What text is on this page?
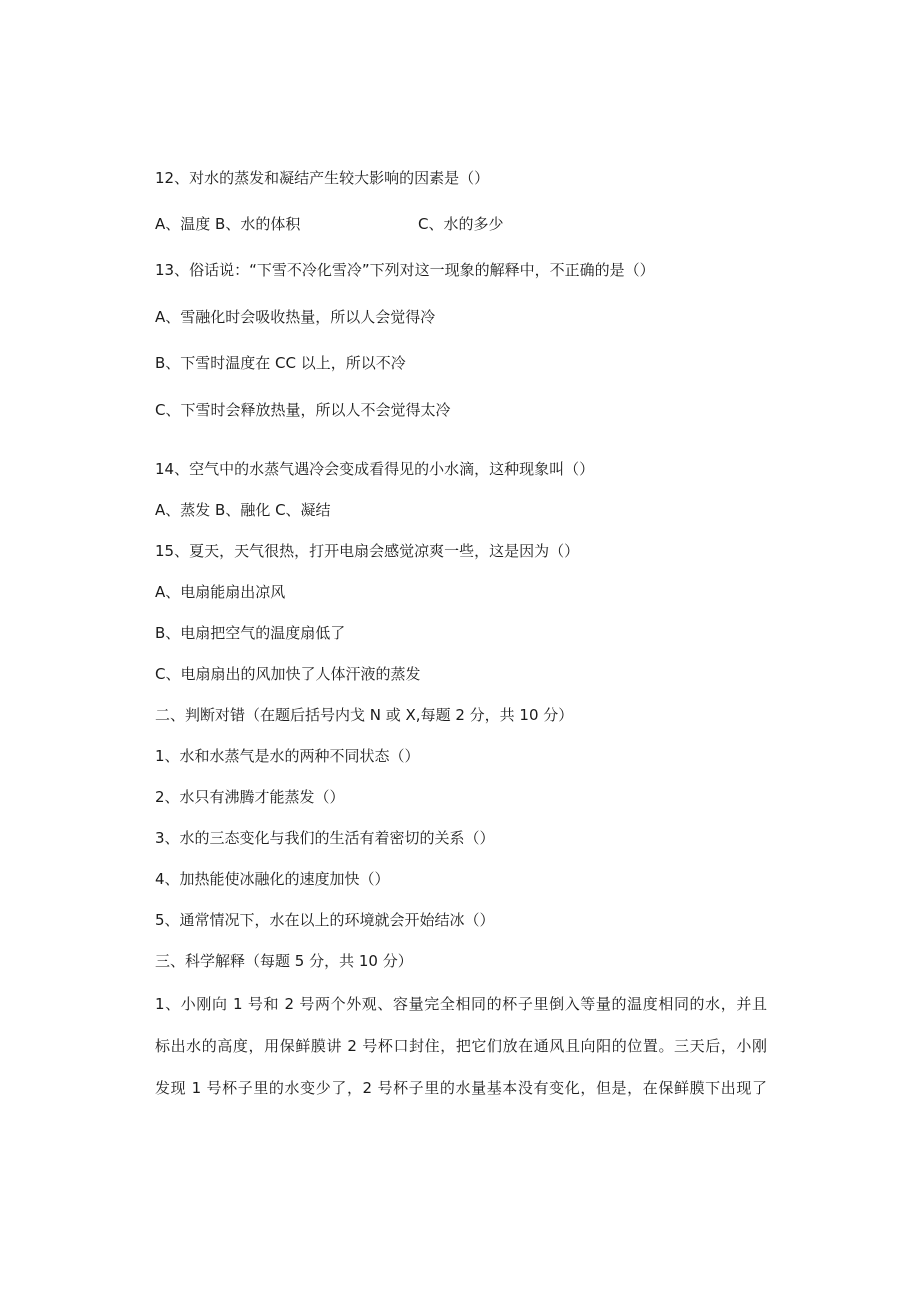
12、对水的蒸发和凝结产生较大影响的因素是（）
A、温度 B、水的体积	C、水的多少
13、俗话说：“下雪不冷化雪冷”下列对这一现象的解释中，不正确的是（）
A、雪融化时会吸收热量，所以人会觉得冷
B、下雪时温度在 CC 以上，所以不冷
C、下雪时会释放热量，所以人不会觉得太冷
14、空气中的水蒸气遇冷会变成看得见的小水滴，这种现象叫（）
A、蒸发 B、融化 C、凝结
15、夏天，天气很热，打开电扇会感觉凉爽一些，这是因为（）
A、电扇能扇出凉风
B、电扇把空气的温度扇低了
C、电扇扇出的风加快了人体汗液的蒸发
二、判断对错（在题后括号内戈 N 或 X,每题 2 分，共 10 分）
1、水和水蒸气是水的两种不同状态（）
2、水只有沸腾才能蒸发（）
3、水的三态变化与我们的生活有着密切的关系（）
4、加热能使冰融化的速度加快（）
5、通常情况下，水在以上的环境就会开始结冰（）
三、科学解释（每题 5 分，共 10 分）
1、小刚向 1 号和 2 号两个外观、容量完全相同的杯子里倒入等量的温度相同的水，并且
标出水的高度，用保鲜膜讲 2 号杯口封住，把它们放在通风且向阳的位置。三天后，小刚
发现 1 号杯子里的水变少了，2 号杯子里的水量基本没有变化，但是，在保鲜膜下出现了
